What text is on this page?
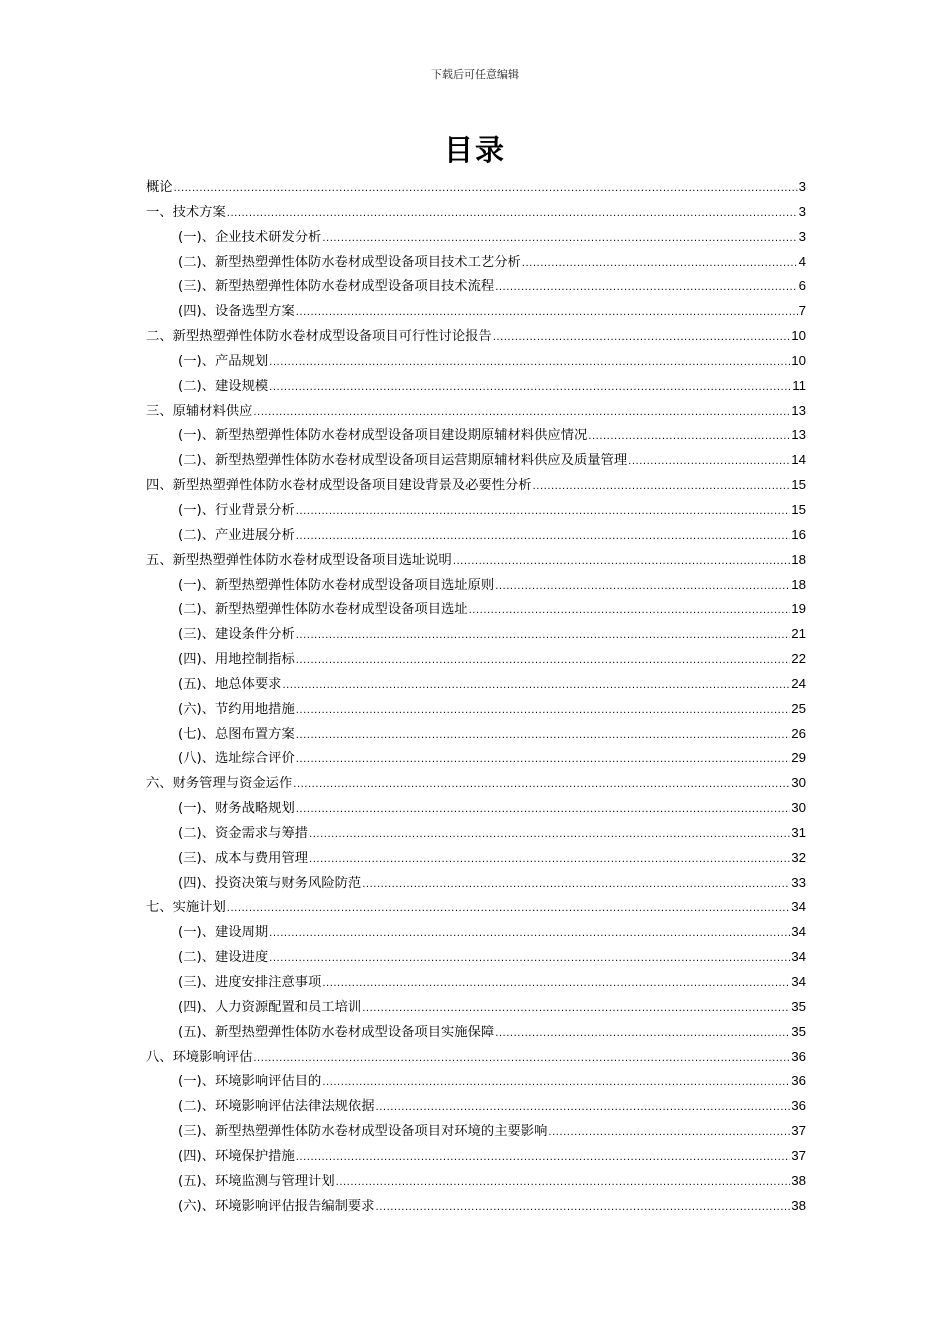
下载后可任意编辑
目录
概论 .....	3
一、技术方案 .....	3
(一)、企业技术研发分析 .....	3
(二)、新型热塑弹性体防水卷材成型设备项目技术工艺分析 .....	4
(三)、新型热塑弹性体防水卷材成型设备项目技术流程 .....	6
(四)、设备选型方案 .....	7
二、新型热塑弹性体防水卷材成型设备项目可行性讨论报告 .....	10
(一)、产品规划 .....	10
(二)、建设规模 .....	11
三、原辅材料供应 .....	13
(一)、新型热塑弹性体防水卷材成型设备项目建设期原辅材料供应情况 .....	13
(二)、新型热塑弹性体防水卷材成型设备项目运营期原辅材料供应及质量管理 .....	14
四、新型热塑弹性体防水卷材成型设备项目建设背景及必要性分析 .....	15
(一)、行业背景分析 .....	15
(二)、产业进展分析 .....	16
五、新型热塑弹性体防水卷材成型设备项目选址说明 .....	18
(一)、新型热塑弹性体防水卷材成型设备项目选址原则 .....	18
(二)、新型热塑弹性体防水卷材成型设备项目选址 .....	19
(三)、建设条件分析 .....	21
(四)、用地控制指标 .....	22
(五)、地总体要求 .....	24
(六)、节约用地措施 .....	25
(七)、总图布置方案 .....	26
(八)、选址综合评价 .....	29
六、财务管理与资金运作 .....	30
(一)、财务战略规划 .....	30
(二)、资金需求与筹措 .....	31
(三)、成本与费用管理 .....	32
(四)、投资决策与财务风险防范 .....	33
七、实施计划 .....	34
(一)、建设周期 .....	34
(二)、建设进度 .....	34
(三)、进度安排注意事项 .....	34
(四)、人力资源配置和员工培训 .....	35
(五)、新型热塑弹性体防水卷材成型设备项目实施保障 .....	35
八、环境影响评估 .....	36
(一)、环境影响评估目的 .....	36
(二)、环境影响评估法律法规依据 .....	36
(三)、新型热塑弹性体防水卷材成型设备项目对环境的主要影响 .....	37
(四)、环境保护措施 .....	37
(五)、环境监测与管理计划 .....	38
(六)、环境影响评估报告编制要求 .....	38
